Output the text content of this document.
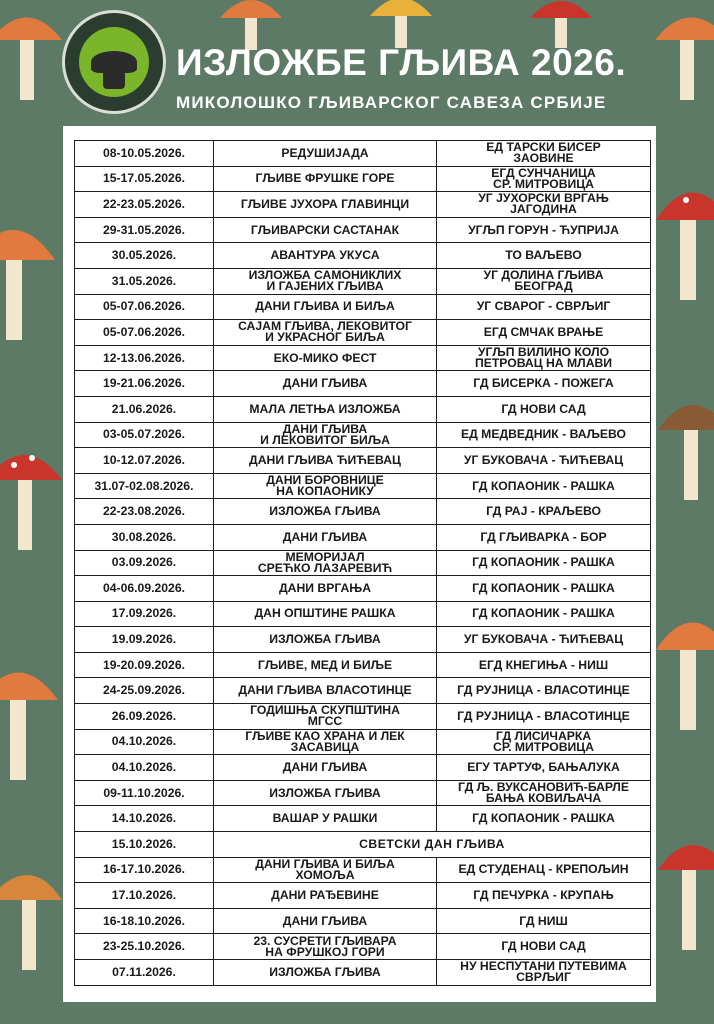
ИЗЛОЖБЕ ГЉИВА 2026.
МИКОЛОШКО ГЉИВАРСКОГ САВЕЗА СРБИЈЕ
08-10.05.2026.	РЕДУШИЈАДА	ЕД ТАРСКИ БИСЕР
ЗАОВИНЕ

15-17.05.2026.	ГЉИВЕ ФРУШКЕ ГОРЕ	ЕГД СУНЧАНИЦА
СР. МИТРОВИЦА

22-23.05.2026.	ГЉИВЕ ЈУХОРА ГЛАВИНЦИ	УГ ЈУХОРСКИ ВРГАЊ
ЈАГОДИНА

29-31.05.2026.	ГЉИВАРСКИ САСТАНАК	УГЉП ГОРУН - ЋУПРИЈА

30.05.2026.	АВАНТУРА УКУСА	ТО ВАЉЕВО

31.05.2026.	ИЗЛОЖБА САМОНИКЛИХ
И ГАЈЕНИХ ГЉИВА	УГ ДОЛИНА ГЉИВА
БЕОГРАД

05-07.06.2026.	ДАНИ ГЉИВА И БИЉА	УГ СВАРОГ - СВРЉИГ

05-07.06.2026.	САЈАМ ГЉИВА, ЛЕКОВИТОГ
И УКРАСНОГ БИЉА	ЕГД СМЧАК ВРАЊЕ

12-13.06.2026.	ЕКО-МИКО ФЕСТ	УГЉП ВИЛИНО КОЛО
ПЕТРОВАЦ НА МЛАВИ

19-21.06.2026.	ДАНИ ГЉИВА	ГД БИСЕРКА - ПОЖЕГА

21.06.2026.	МАЛА ЛЕТЊА ИЗЛОЖБА	ГД НОВИ САД

03-05.07.2026.	ДАНИ ГЉИВА
И ЛЕКОВИТОГ БИЉА	ЕД МЕДВЕДНИК - ВАЉЕВО

10-12.07.2026.	ДАНИ ГЉИВА ЋИЋЕВАЦ	УГ БУКОВАЧА - ЋИЋЕВАЦ

31.07-02.08.2026.	ДАНИ БОРОВНИЦЕ
НА КОПАОНИКУ	ГД КОПАОНИК - РАШКА

22-23.08.2026.	ИЗЛОЖБА ГЉИВА	ГД РАЈ - КРАЉЕВО

30.08.2026.	ДАНИ ГЉИВА	ГД ГЉИВАРКА - БОР

03.09.2026.	МЕМОРИЈАЛ
СРЕЋКО ЛАЗАРЕВИЋ	ГД КОПАОНИК - РАШКА

04-06.09.2026.	ДАНИ ВРГАЊА	ГД КОПАОНИК - РАШКА

17.09.2026.	ДАН ОПШТИНЕ РАШКА	ГД КОПАОНИК - РАШКА

19.09.2026.	ИЗЛОЖБА ГЉИВА	УГ БУКОВАЧА - ЋИЋЕВАЦ

19-20.09.2026.	ГЉИВЕ, МЕД И БИЉЕ	ЕГД КНЕГИЊА - НИШ

24-25.09.2026.	ДАНИ ГЉИВА ВЛАСОТИНЦЕ	ГД РУЈНИЦА - ВЛАСОТИНЦЕ

26.09.2026.	ГОДИШЊА СКУПШТИНА
МГСС	ГД РУЈНИЦА - ВЛАСОТИНЦЕ

04.10.2026.	ГЉИВЕ КАО ХРАНА И ЛЕК
ЗАСАВИЦА	ГД ЛИСИЧАРКА
СР. МИТРОВИЦА

04.10.2026.	ДАНИ ГЉИВА	ЕГУ ТАРТУФ, БАЊАЛУКА

09-11.10.2026.	ИЗЛОЖБА ГЉИВА	ГД Љ. ВУКСАНОВИЋ-БАРЛЕ
БАЊА КОВИЉАЧА

14.10.2026.	ВАШАР У РАШКИ	ГД КОПАОНИК - РАШКА

15.10.2026.	СВЕТСКИ ДАН ГЉИВА	
16-17.10.2026.	ДАНИ ГЉИВА И БИЉА
ХОМОЉА	ЕД СТУДЕНАЦ - КРЕПОЉИН

17.10.2026.	ДАНИ РАЂЕВИНЕ	ГД ПЕЧУРКА - КРУПАЊ

16-18.10.2026.	ДАНИ ГЉИВА	ГД НИШ

23-25.10.2026.	23. СУСРЕТИ ГЉИВАРА
НА ФРУШКОЈ ГОРИ	ГД НОВИ САД

07.11.2026.	ИЗЛОЖБА ГЉИВА	НУ НЕСПУТАНИ ПУТЕВИМА
СВРЉИГ
